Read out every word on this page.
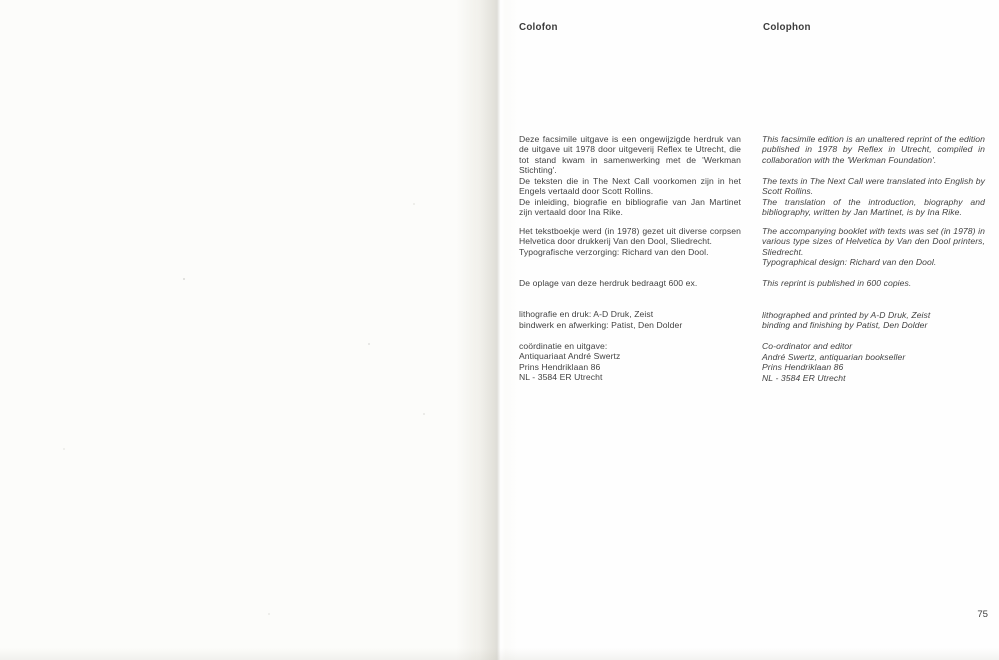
Colofon	Colophon

Deze facsimile uitgave is een ongewijzigde herdruk van de uitgave uit 1978 door uitgeverij Reflex te Utrecht, die tot stand kwam in samenwerking met de 'Werkman Stichting'.

De teksten die in The Next Call voorkomen zijn in het Engels vertaald door Scott Rollins.

De inleiding, biografie en bibliografie van Jan Martinet zijn vertaald door Ina Rike.

Het tekstboekje werd (in 1978) gezet uit diverse corpsen Helvetica door drukkerij Van den Dool, Sliedrecht.

Typografische verzorging: Richard van den Dool.

De oplage van deze herdruk bedraagt 600 ex.

lithografie en druk: A-D Druk, Zeist

bindwerk en afwerking: Patist, Den Dolder

coördinatie en uitgave:

Antiquariaat André Swertz

Prins Hendriklaan 86

NL - 3584 ER Utrecht

This facsimile edition is an unaltered reprint of the edition published in 1978 by Reflex in Utrecht, compiled in collaboration with the 'Werkman Foundation'.

The texts in The Next Call were translated into English by Scott Rollins.

The translation of the introduction, biography and bibliography, written by Jan Martinet, is by Ina Rike.

The accompanying booklet with texts was set (in 1978) in various type sizes of Helvetica by Van den Dool printers, Sliedrecht.

Typographical design: Richard van den Dool.

This reprint is published in 600 copies.

lithographed and printed by A-D Druk, Zeist

binding and finishing by Patist, Den Dolder

Co-ordinator and editor

André Swertz, antiquarian bookseller

Prins Hendriklaan 86

NL - 3584 ER Utrecht

75
